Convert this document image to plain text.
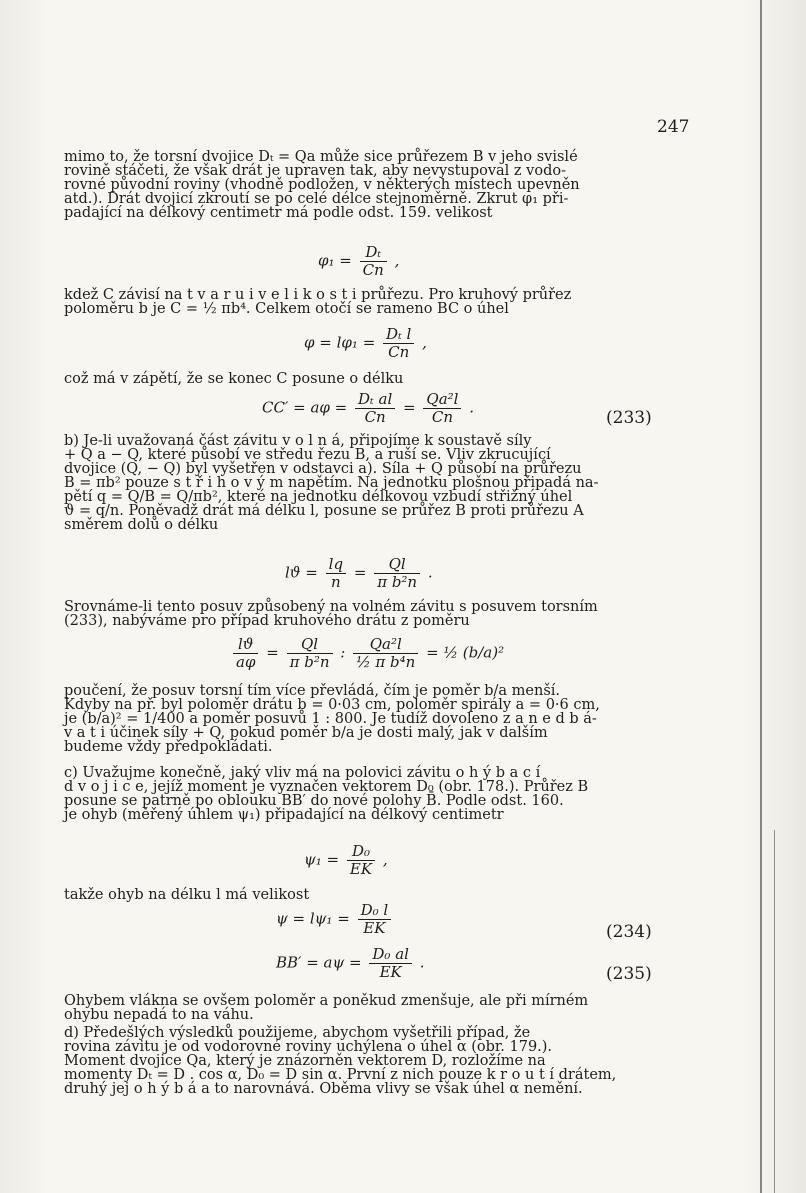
247
mimo to, že torsní dvojice Dₜ = Qa může sice průřezem B v jeho svislé
rovině stáčeti, že však drát je upraven tak, aby nevystupoval z vodo-
rovné původní roviny (vhodně podložen, v některých místech upevněn
atd.). Drát dvojicí zkroutí se po celé délce stejnoměrně. Zkrut φ₁ při-
padající na délkový centimetr má podle odst. 159. velikost
$\varphi_1 = \frac{\text{Dₜ}}{Cn}$ ,
kdež C závisí na t v a r u i v e l i k o s t i průřezu. Pro kruhový průřez
poloměru b je C = ½ πb⁴. Celkem otočí se rameno BC o úhel
$\varphi = l\varphi_1 = \frac{\text{Dₜ l}}{Cn}$ ,
což má v zápětí, že se konec C posune o délku
$CC' = a\varphi = \frac{\text{Dₜ al}}{Cn} = \frac{\text{Qa²l}}{Cn}$ .
(233)
b) Je-li uvažovaná část závitu v o l n á, připojíme k soustavě síly
+ Q a − Q, které působí ve středu řezu B, a ruší se. Vliv zkrucující
dvojice (Q, − Q) byl vyšetřen v odstavci a). Síla + Q působí na průřezu
B = πb² pouze s t ř i h o v ý m napětím. Na jednotku plošnou připadá na-
pětí q = Q/B = Q/πb², které na jednotku délkovou vzbudí střižný úhel
ϑ = q/n. Poněvadž drát má délku l, posune se průřez B proti průřezu A
směrem dolů o délku
$lϑ = \frac{lq}{n} = \frac{Ql}{\text{π b²n}}$ .
Srovnáme-li tento posuv způsobený na volném závitu s posuvem torsním
(233), nabýváme pro případ kruhového drátu z poměru
$\frac{lϑ}{a\varphi} = \frac{Ql}{\text{π b²n}}$ : $\frac{\text{Qa²l}}{\text{½ π b⁴n}}$ = ½ (b/a)²
poučení, že posuv torsní tím více převládá, čím je poměr b/a menší.
Kdyby na př. byl poloměr drátu b = 0·03 cm, poloměr spirály a = 0·6 cm,
je (b/a)² = 1/400 a poměr posuvů 1 : 800. Je tudíž dovoleno z a n e d b á-
v a t i účinek síly + Q, pokud poměr b/a je dosti malý, jak v dalším
budeme vždy předpokládati.
c) Uvažujme konečně, jaký vliv má na polovici závitu o h ý b a c í
d v o j i c e, jejíž moment je vyznačen vektorem D₀ (obr. 178.). Průřez B
posune se patrně po oblouku BB′ do nové polohy B̄. Podle odst. 160.
je ohyb (měřený úhlem ψ₁) připadající na délkový centimetr
$\psi_1 = \frac{\text{D₀}}{EK}$ ,
takže ohyb na délku l má velikost
$\psi = l\psi_1 = \frac{\text{D₀ l}}{EK}$	(234)
$BB' = a\psi = \frac{\text{D₀ al}}{EK}$ .
(235)
Ohybem vlákna se ovšem poloměr a poněkud zmenšuje, ale při mírném
ohybu nepadá to na váhu.
d) Předešlých výsledků použijeme, abychom vyšetřili případ, že
rovina závitu je od vodorovné roviny uchýlena o úhel α (obr. 179.).
Moment dvojice Qa, který je znázorněn vektorem D, rozložíme na
momenty Dₜ = D . cos α, D₀ = D sin α. První z nich pouze k r o u t í drátem,
druhý jej o h ý b á a to narovnává. Oběma vlivy se však úhel α nemění.
